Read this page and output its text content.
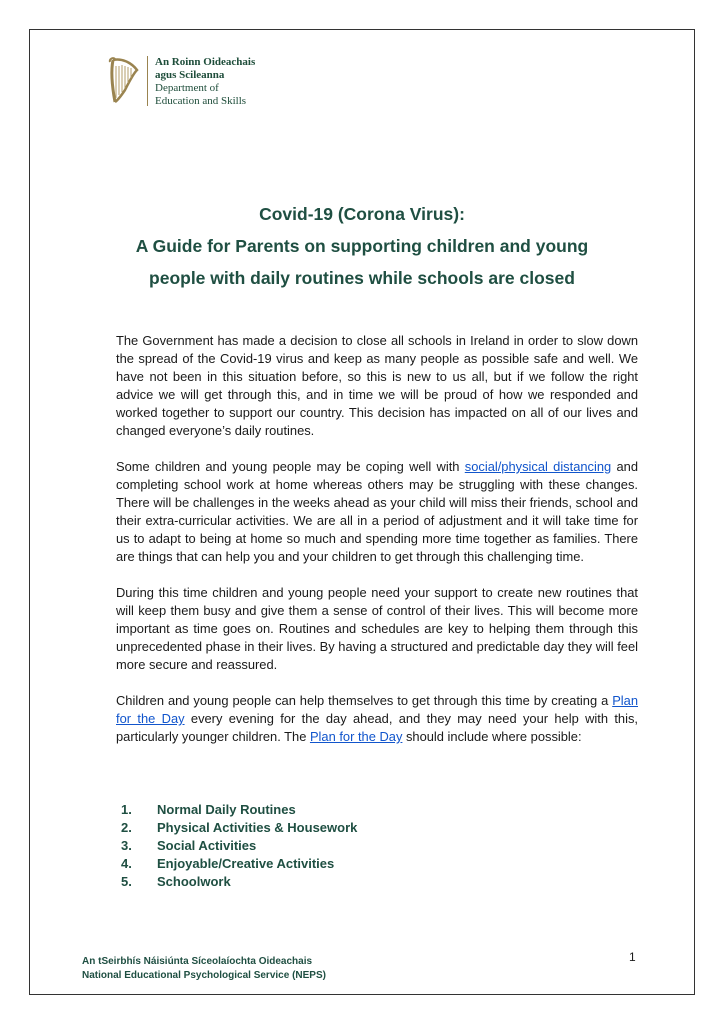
An Roinn Oideachais
agus Scileanna
Department of
Education and Skills
Covid-19 (Corona Virus):
A Guide for Parents on supporting children and young
people with daily routines while schools are closed

The Government has made a decision to close all schools in Ireland in order to slow down the spread of the Covid-19 virus and keep as many people as possible safe and well. We have not been in this situation before, so this is new to us all, but if we follow the right advice we will get through this, and in time we will be proud of how we responded and worked together to support our country. This decision has impacted on all of our lives and changed everyone’s daily routines.

Some children and young people may be coping well with social/physical distancing and completing school work at home whereas others may be struggling with these changes. There will be challenges in the weeks ahead as your child will miss their friends, school and their extra-curricular activities. We are all in a period of adjustment and it will take time for us to adapt to being at home so much and spending more time together as families. There are things that can help you and your children to get through this challenging time.

During this time children and young people need your support to create new routines that will keep them busy and give them a sense of control of their lives. This will become more important as time goes on. Routines and schedules are key to helping them through this unprecedented phase in their lives. By having a structured and predictable day they will feel more secure and reassured.

Children and young people can help themselves to get through this time by creating a Plan for the Day every evening for the day ahead, and they may need your help with this, particularly younger children. The Plan for the Day should include where possible:

1.	Normal Daily Routines
2.	Physical Activities & Housework
3.	Social Activities
4.	Enjoyable/Creative Activities
5.	Schoolwork
An tSeirbhís Náisiúnta Síceolaíochta Oideachais
National Educational Psychological Service (NEPS)
1
